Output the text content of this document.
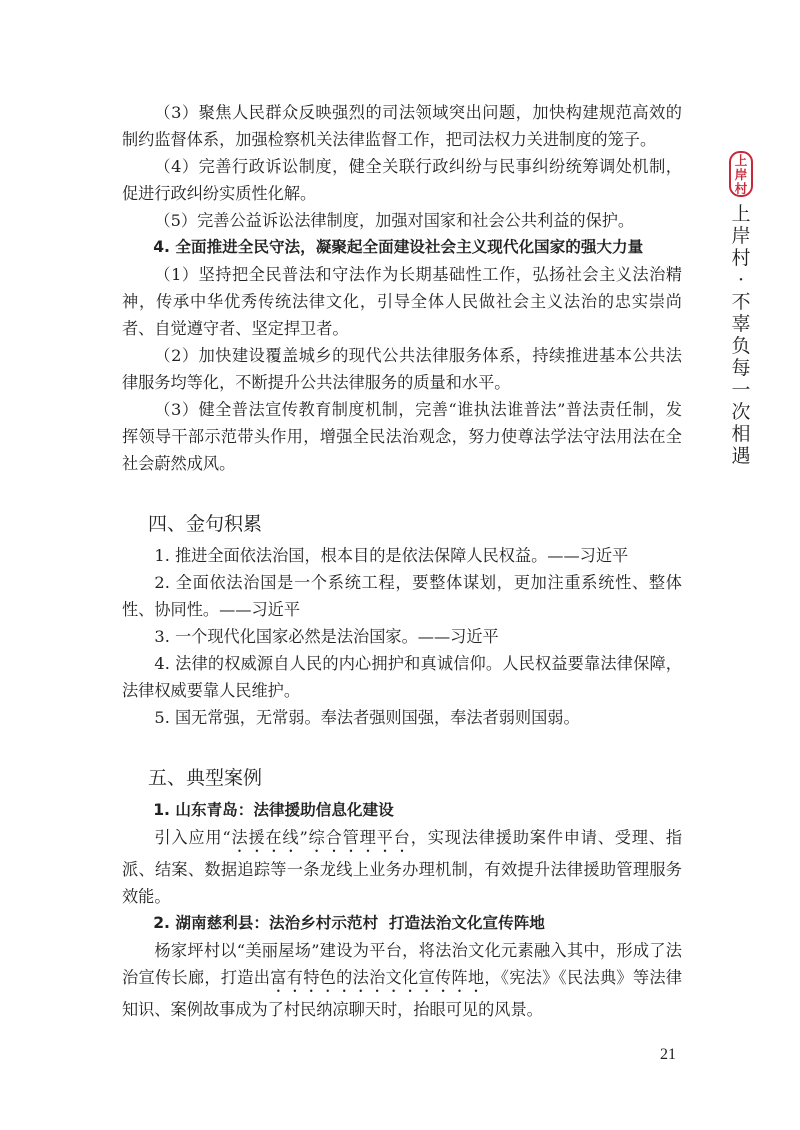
上
岸
村
上
岸
村
·
不
辜
负
每
一
次
相
遇

（3）聚焦人民群众反映强烈的司法领域突出问题，加快构建规范高效的制约监督体系，加强检察机关法律监督工作，把司法权力关进制度的笼子。

（4）完善行政诉讼制度，健全关联行政纠纷与民事纠纷统筹调处机制，促进行政纠纷实质性化解。

（5）完善公益诉讼法律制度，加强对国家和社会公共利益的保护。

4. 全面推进全民守法，凝聚起全面建设社会主义现代化国家的强大力量

（1）坚持把全民普法和守法作为长期基础性工作，弘扬社会主义法治精神，传承中华优秀传统法律文化，引导全体人民做社会主义法治的忠实崇尚者、自觉遵守者、坚定捍卫者。

（2）加快建设覆盖城乡的现代公共法律服务体系，持续推进基本公共法律服务均等化，不断提升公共法律服务的质量和水平。

（3）健全普法宣传教育制度机制，完善“谁执法谁普法”普法责任制，发挥领导干部示范带头作用，增强全民法治观念，努力使尊法学法守法用法在全社会蔚然成风。

四、金句积累

1. 推进全面依法治国，根本目的是依法保障人民权益。——习近平

2. 全面依法治国是一个系统工程，要整体谋划，更加注重系统性、整体性、协同性。——习近平

3. 一个现代化国家必然是法治国家。——习近平

4. 法律的权威源自人民的内心拥护和真诚信仰。人民权益要靠法律保障，法律权威要靠人民维护。

5. 国无常强，无常弱。奉法者强则国强，奉法者弱则国弱。

五、典型案例

1. 山东青岛：法律援助信息化建设

引入应用“法援在线”综合管理平台，实现法律援助案件申请、受理、指派、结案、数据追踪等一条龙线上业务办理机制，有效提升法律援助管理服务效能。

2. 湖南慈利县：法治乡村示范村  打造法治文化宣传阵地

杨家坪村以“美丽屋场”建设为平台，将法治文化元素融入其中，形成了法治宣传长廊，打造出富有特色的法治文化宣传阵地，《宪法》《民法典》等法律知识、案例故事成为了村民纳凉聊天时，抬眼可见的风景。

21
